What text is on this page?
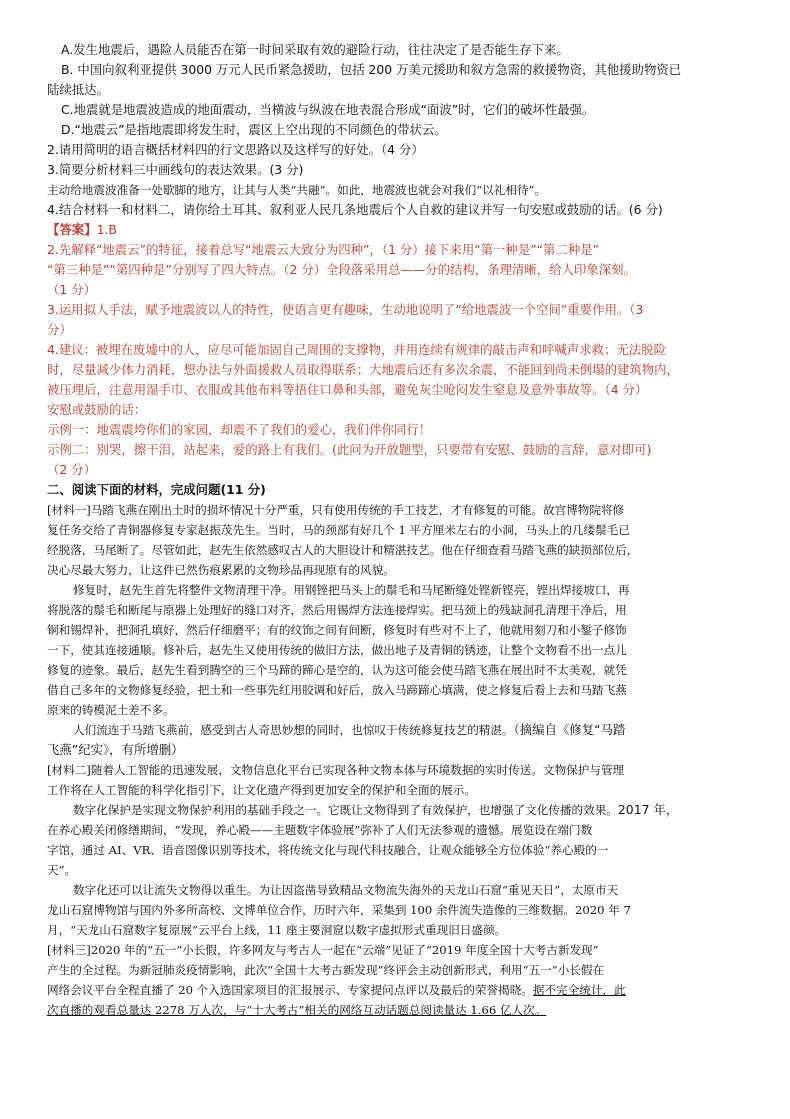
A.发生地震后，遇险人员能否在第一时间采取有效的避险行动，往往决定了是否能生存下来。
B. 中国向叙利亚提供 3000 万元人民币紧急援助，包括 200 万美元援助和叙方急需的救援物资，其他援助物资已
陆续抵达。
C.地震就是地震波造成的地面震动，当横波与纵波在地表混合形成“面波”时，它们的破坏性最强。
D.“地震云”是指地震即将发生时，震区上空出现的不同颜色的带状云。
2.请用简明的语言概括材料四的行文思路以及这样写的好处。（4 分）
3.简要分析材料三中画线句的表达效果。(3 分)
主动给地震波准备一处歇脚的地方，让其与人类“共融”。如此，地震波也就会对我们“以礼相待”。
4.结合材料一和材料二，请你给土耳其、叙利亚人民几条地震后个人自救的建议并写一句安慰或鼓励的话。(6 分)
【答案】1.B
2.先解释“地震云”的特征，接着总写“地震云大致分为四种”，（1 分）接下来用“第一种是”“第二种是”
“第三种是”“第四种是”分别写了四大特点。（2 分）全段落采用总——分的结构，条理清晰，给人印象深刻。
（1 分）
3.运用拟人手法，赋予地震波以人的特性，使语言更有趣味，生动地说明了“给地震波一个空间”重要作用。（3
分）
4.建议：被埋在废墟中的人，应尽可能加固自己周围的支撑物，并用连续有规律的敲击声和呼喊声求救；无法脱险
时，尽量减少体力消耗，想办法与外面援救人员取得联系；大地震后还有多次余震，不能回到尚未倒塌的建筑物内，
被压埋后，注意用湿手巾、衣服或其他布料等捂住口鼻和头部，避免灰尘呛闷发生窒息及意外事故等。（4 分）
安慰或鼓励的话：
示例一：地震震垮你们的家园，却震不了我们的爱心，我们伴你同行！
示例二：别哭，擦干泪，站起来，爱的路上有我们。(此问为开放题型，只要带有安慰、鼓励的言辞，意对即可)
（2 分）
二、阅读下面的材料，完成问题(11 分)
[材料一]马踏飞燕在刚出土时的损坏情况十分严重，只有使用传统的手工技艺，才有修复的可能。故宫博物院将修
复任务交给了青铜器修复专家赵振茂先生。当时，马的颈部有好几个 1 平方厘米左右的小洞，马头上的几缕鬃毛已
经脱落，马尾断了。尽管如此，赵先生依然感叹古人的大胆设计和精湛技艺。他在仔细查看马踏飞燕的缺损部位后，
决心尽最大努力，让这件已然伤痕累累的文物珍品再现原有的风貌。
修复时，赵先生首先将整件文物清理干净。用钢锉把马头上的鬃毛和马尾断缝处铿新铿亮，铿出焊接坡口，再
将脱落的鬃毛和断尾与原器上处理好的缝口对齐，然后用锡焊方法连接焊实。把马颈上的残缺洞孔清理干净后，用
铜和锡焊补，把洞孔填好，然后仔细磨平；有的纹饰之间有间断，修复时有些对不上了，他就用刻刀和小錾子修饰
一下，使其连接通顺。修补后，赵先生又使用传统的做旧方法，做出地子及青铜的锈迹，让整个文物看不出一点儿
修复的迹象。最后，赵先生看到腾空的三个马蹄的蹄心是空的，认为这可能会使马踏飞燕在展出时不太美观，就凭
借自己多年的文物修复经验，把土和一些事先红用胶调和好后，放入马蹄蹄心填满，使之修复后看上去和马踏飞燕
原来的铸模泥土差不多。
人们流连于马踏飞燕前，感受到古人奇思妙想的同时，也惊叹于传统修复技艺的精湛。（摘编自《修复“马踏
飞燕”纪实》，有所增删）
[材料二]随着人工智能的迅速发展，文物信息化平台已实现各种文物本体与环境数据的实时传送。文物保护与管理
工作将在人工智能的科学化指引下，让文化遗产得到更加安全的保护和全面的展示。
数字化保护是实现文物保护利用的基础手段之一。它既让文物得到了有效保护，也增强了文化传播的效果。2017 年，
在养心殿关闭修缮期间，“发现，养心殿——主题数字体验展”弥补了人们无法参观的遗憾。展览设在端门数
字馆，通过 AI、VR、语音图像识别等技术，将传统文化与现代科技融合，让观众能够全方位体验“养心殿的一
天”。
数字化还可以让流失文物得以重生。为让因盗凿导致精品文物流失海外的天龙山石窟“重见天日”，太原市天
龙山石窟博物馆与国内外多所高校、文博单位合作，历时六年，采集到 100 余件流失造像的三维数据。2020 年 7
月，“天龙山石窟数字复原展”云平台上线，11 座主要洞窟以数字虚拟形式重现旧日盛颜。
[材料三]2020 年的“五一”小长假，许多网友与考古人一起在“云端”见证了“2019 年度全国十大考古新发现”
产生的全过程。为新冠肺炎疫情影响，此次“全国十大考古新发现”终评会主动创新形式，利用“五一”小长假在
网络会议平台全程直播了 20 个入选国家项目的汇报展示、专家提问点评以及最后的荣誉揭晓。据不完全统计，此
次直播的观看总量达 2278 万人次，与“十大考古”相关的网络互动话题总阅读量达 1.66 亿人次。
